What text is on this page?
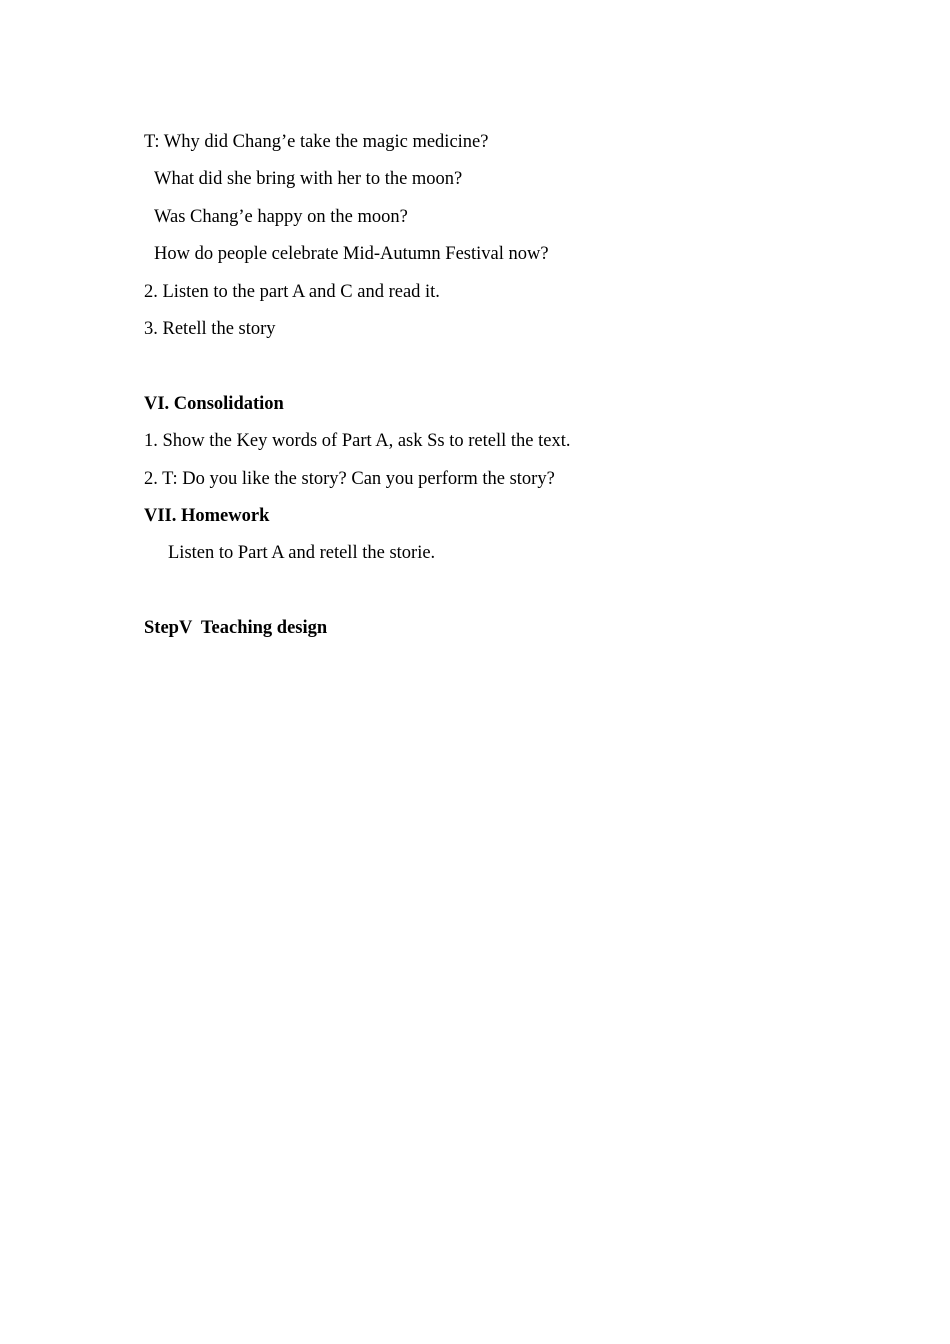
T: Why did Chang’e take the magic medicine?
What did she bring with her to the moon?
Was Chang’e happy on the moon?
How do people celebrate Mid-Autumn Festival now?
2. Listen to the part A and C and read it.
3. Retell the story
VI. Consolidation
1. Show the Key words of Part A, ask Ss to retell the text.
2. T: Do you like the story? Can you perform the story?
VII. Homework
Listen to Part A and retell the storie.
StepV  Teaching design
